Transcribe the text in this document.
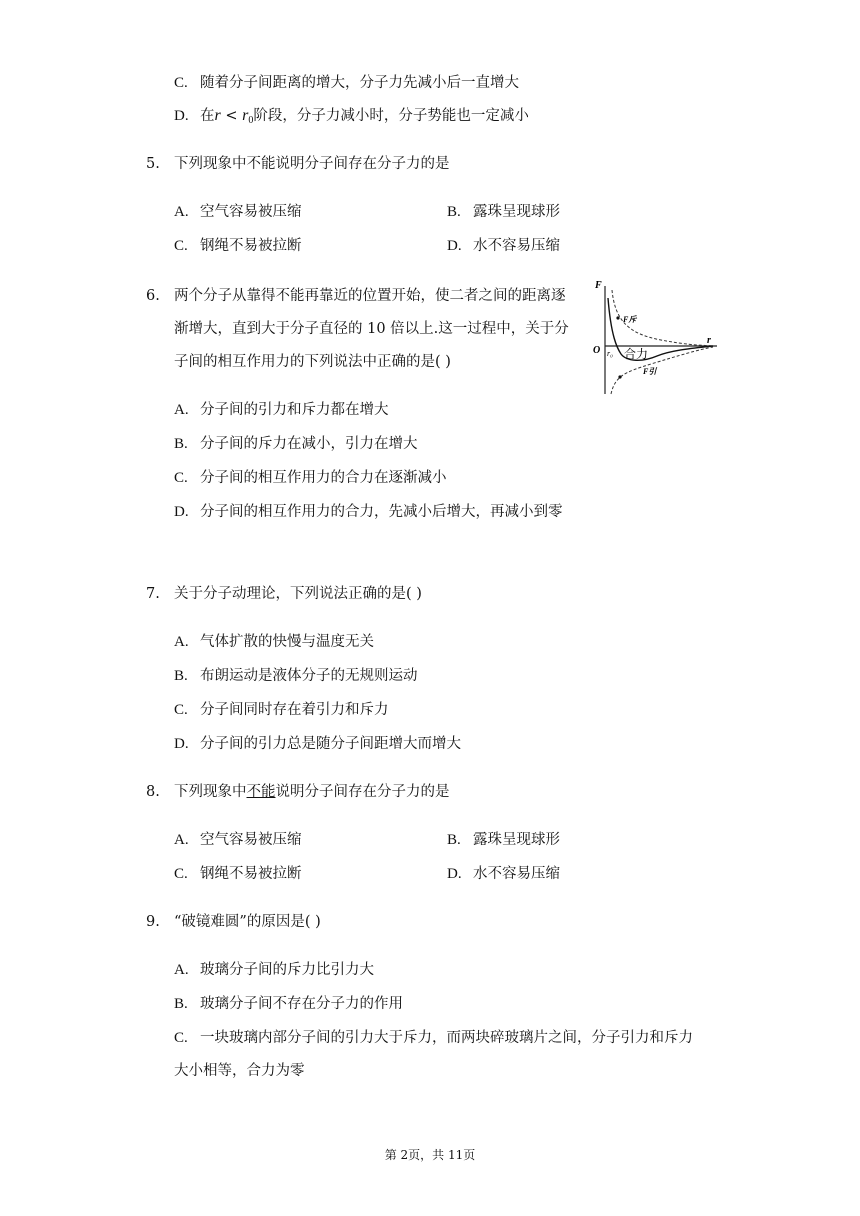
C. 随着分子间距离的增大，分子力先减小后一直增大
D. 在$r < r_0$阶段，分子力减小时，分子势能也一定减小
5. 下列现象中不能说明分子间存在分子力的是
A. 空气容易被压缩	B. 露珠呈现球形
C. 钢绳不易被拉断	D. 水不容易压缩
6. 两个分子从靠得不能再靠近的位置开始，使二者之间的距离逐
渐增大，直到大于分子直径的 10 倍以上.这一过程中，关于分
子间的相互作用力的下列说法中正确的是( )
F
O
r
r₀
F斥
合力
F引
A. 分子间的引力和斥力都在增大
B. 分子间的斥力在减小，引力在增大
C. 分子间的相互作用力的合力在逐渐减小
D. 分子间的相互作用力的合力，先减小后增大，再减小到零
7. 关于分子动理论，下列说法正确的是( )
A. 气体扩散的快慢与温度无关
B. 布朗运动是液体分子的无规则运动
C. 分子间同时存在着引力和斥力
D. 分子间的引力总是随分子间距增大而增大
8. 下列现象中不能说明分子间存在分子力的是
A. 空气容易被压缩	B. 露珠呈现球形
C. 钢绳不易被拉断	D. 水不容易压缩
9. “破镜难圆”的原因是( )
A. 玻璃分子间的斥力比引力大
B. 玻璃分子间不存在分子力的作用
C. 一块玻璃内部分子间的引力大于斥力，而两块碎玻璃片之间，分子引力和斥力
大小相等，合力为零
第 2页，共 11页
